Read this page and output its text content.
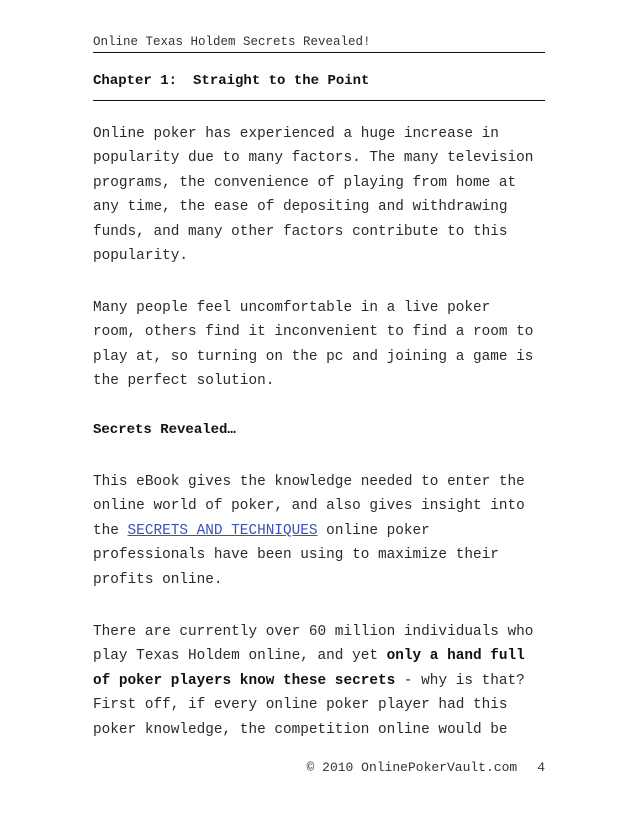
Online Texas Holdem Secrets Revealed!
Chapter 1: Straight to the Point

Online poker has experienced a huge increase in
popularity due to many factors. The many television
programs, the convenience of playing from home at
any time, the ease of depositing and withdrawing
funds, and many other factors contribute to this
popularity.

Many people feel uncomfortable in a live poker
room, others find it inconvenient to find a room to
play at, so turning on the pc and joining a game is
the perfect solution.

Secrets Revealed…

This eBook gives the knowledge needed to enter the
online world of poker, and also gives insight into
the SECRETS AND TECHNIQUES online poker
professionals have been using to maximize their
profits online.

There are currently over 60 million individuals who
play Texas Holdem online, and yet only a hand full
of poker players know these secrets - why is that?
First off, if every online poker player had this
poker knowledge, the competition online would be

© 2010 OnlinePokerVault.com 4
